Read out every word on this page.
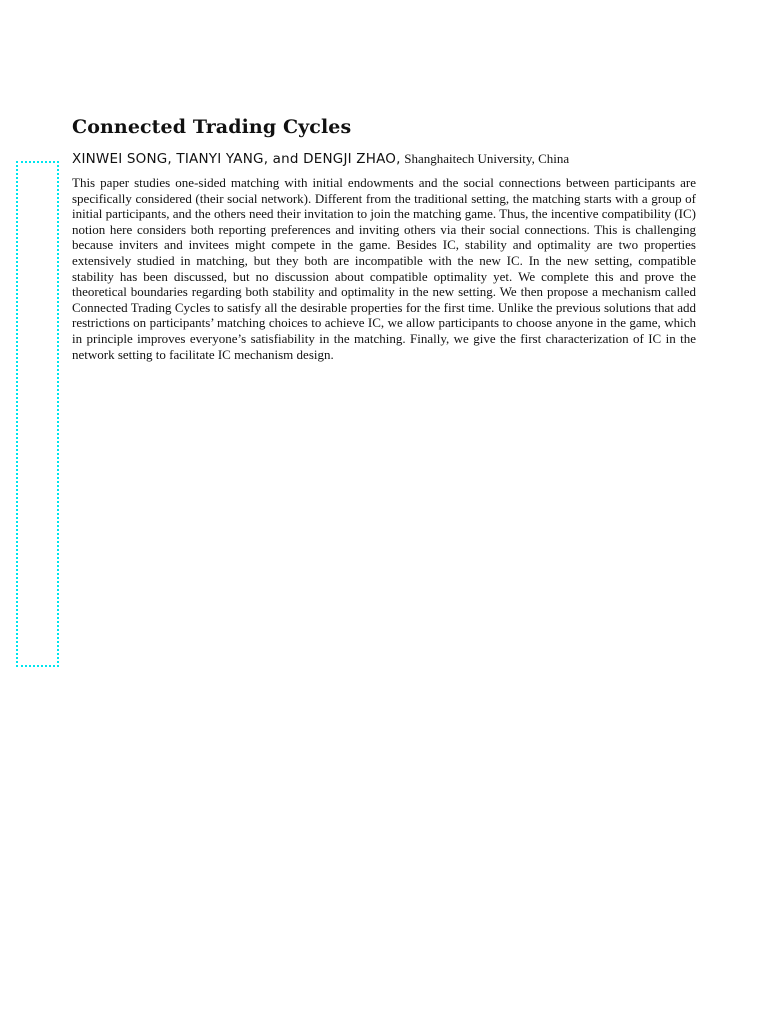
Connected Trading Cycles

XINWEI SONG, TIANYI YANG, and DENGJI ZHAO, Shanghaitech University, China

This paper studies one-sided matching with initial endowments and the social connections between participants are specifically considered (their social network). Different from the traditional setting, the matching starts with a group of initial participants, and the others need their invitation to join the matching game. Thus, the incentive compatibility (IC) notion here considers both reporting preferences and inviting others via their social connections. This is challenging because inviters and invitees might compete in the game. Besides IC, stability and optimality are two properties extensively studied in matching, but they both are incompatible with the new IC. In the new setting, compatible stability has been discussed, but no discussion about compatible optimality yet. We complete this and prove the theoretical boundaries regarding both stability and optimality in the new setting. We then propose a mechanism called Connected Trading Cycles to satisfy all the desirable properties for the first time. Unlike the previous solutions that add restrictions on participants’ matching choices to achieve IC, we allow participants to choose anyone in the game, which in principle improves everyone’s satisfiability in the matching. Finally, we give the first characterization of IC in the network setting to facilitate IC mechanism design.
